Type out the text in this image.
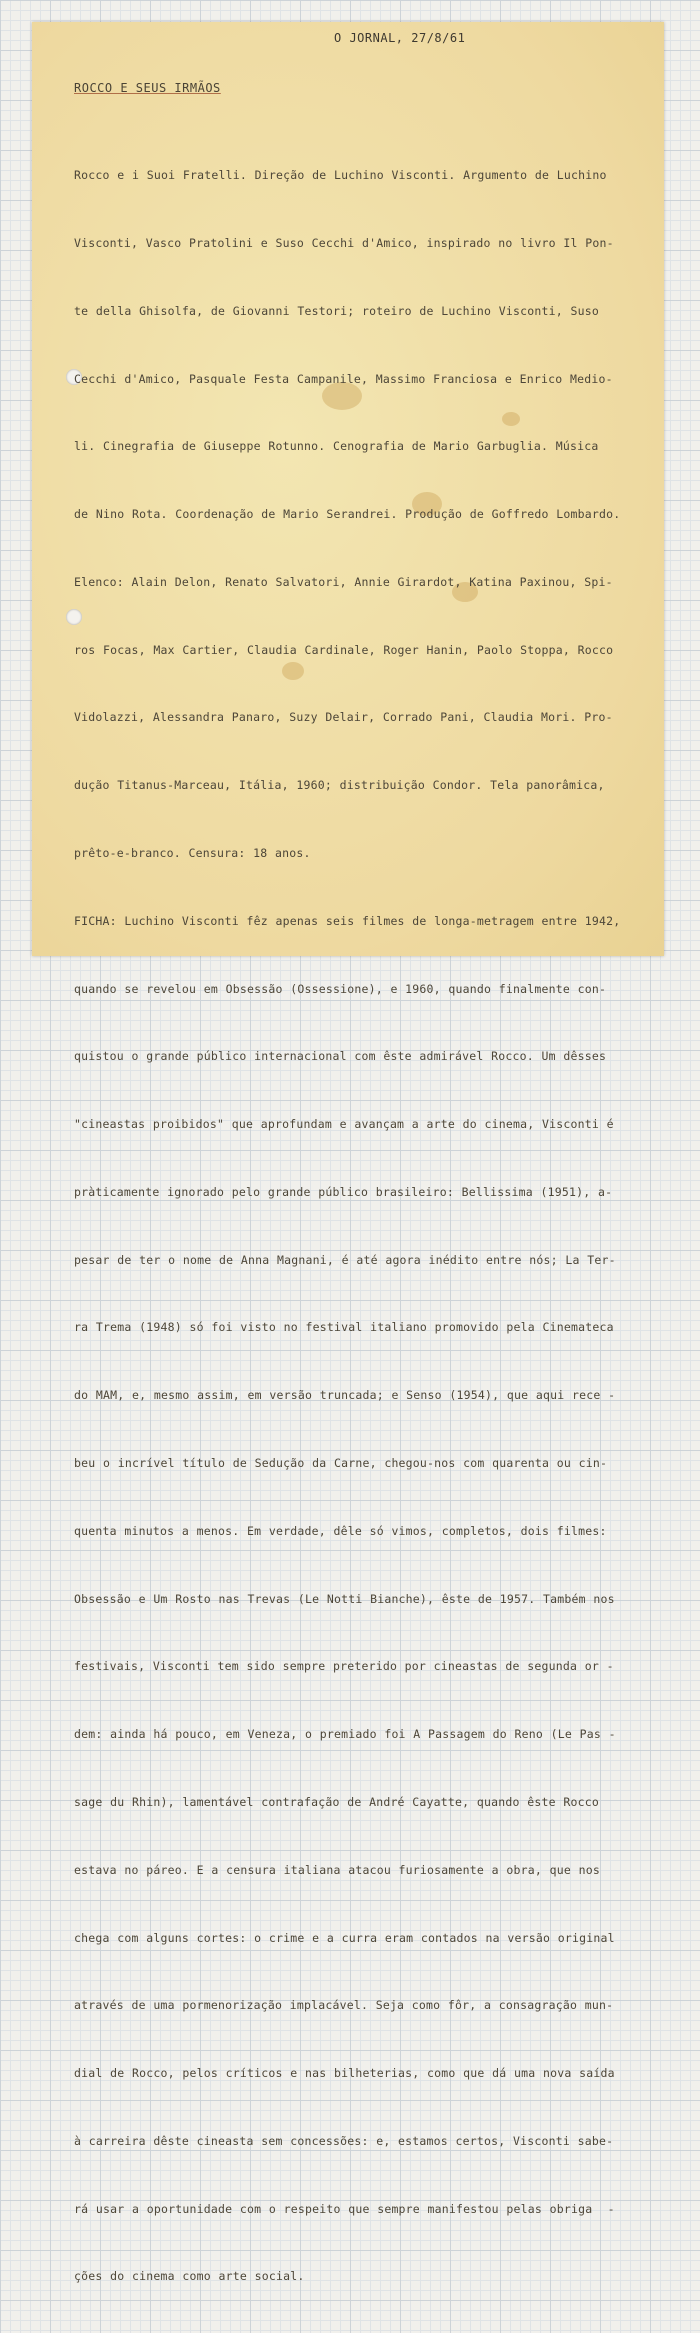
O JORNAL, 27/8/61
ROCCO E SEUS IRMÃOS

Rocco e i Suoi Fratelli. Direção de Luchino Visconti. Argumento de Luchino

Visconti, Vasco Pratolini e Suso Cecchi d'Amico, inspirado no livro Il Pon-

te della Ghisolfa, de Giovanni Testori; roteiro de Luchino Visconti, Suso

Cecchi d'Amico, Pasquale Festa Campanile, Massimo Franciosa e Enrico Medio-

li. Cinegrafia de Giuseppe Rotunno. Cenografia de Mario Garbuglia. Música

de Nino Rota. Coordenação de Mario Serandrei. Produção de Goffredo Lombardo.

Elenco: Alain Delon, Renato Salvatori, Annie Girardot, Katina Paxinou, Spi-

ros Focas, Max Cartier, Claudia Cardinale, Roger Hanin, Paolo Stoppa, Rocco

Vidolazzi, Alessandra Panaro, Suzy Delair, Corrado Pani, Claudia Mori. Pro-

dução Titanus-Marceau, Itália, 1960; distribuição Condor. Tela panorâmica,

prêto-e-branco. Censura: 18 anos.

FICHA: Luchino Visconti fêz apenas seis filmes de longa-metragem entre 1942,

quando se revelou em Obsessão (Ossessione), e 1960, quando finalmente con-

quistou o grande público internacional com êste admirável Rocco. Um dêsses

"cineastas proibidos" que aprofundam e avançam a arte do cinema, Visconti é

pràticamente ignorado pelo grande público brasileiro: Bellissima (1951), a-

pesar de ter o nome de Anna Magnani, é até agora inédito entre nós; La Ter-

ra Trema (1948) só foi visto no festival italiano promovido pela Cinemateca

do MAM, e, mesmo assim, em versão truncada; e Senso (1954), que aqui rece -

beu o incrível título de Sedução da Carne, chegou-nos com quarenta ou cin-

quenta minutos a menos. Em verdade, dêle só vimos, completos, dois filmes:

Obsessão e Um Rosto nas Trevas (Le Notti Bianche), êste de 1957. Também nos

festivais, Visconti tem sido sempre preterido por cineastas de segunda or -

dem: ainda há pouco, em Veneza, o premiado foi A Passagem do Reno (Le Pas -

sage du Rhin), lamentável contrafação de André Cayatte, quando êste Rocco

estava no páreo. E a censura italiana atacou furiosamente a obra, que nos

chega com alguns cortes: o crime e a curra eram contados na versão original

através de uma pormenorização implacável. Seja como fôr, a consagração mun-

dial de Rocco, pelos críticos e nas bilheterias, como que dá uma nova saída

à carreira dêste cineasta sem concessões: e, estamos certos, Visconti sabe-

rá usar a oportunidade com o respeito que sempre manifestou pelas obriga  -

ções do cinema como arte social.
